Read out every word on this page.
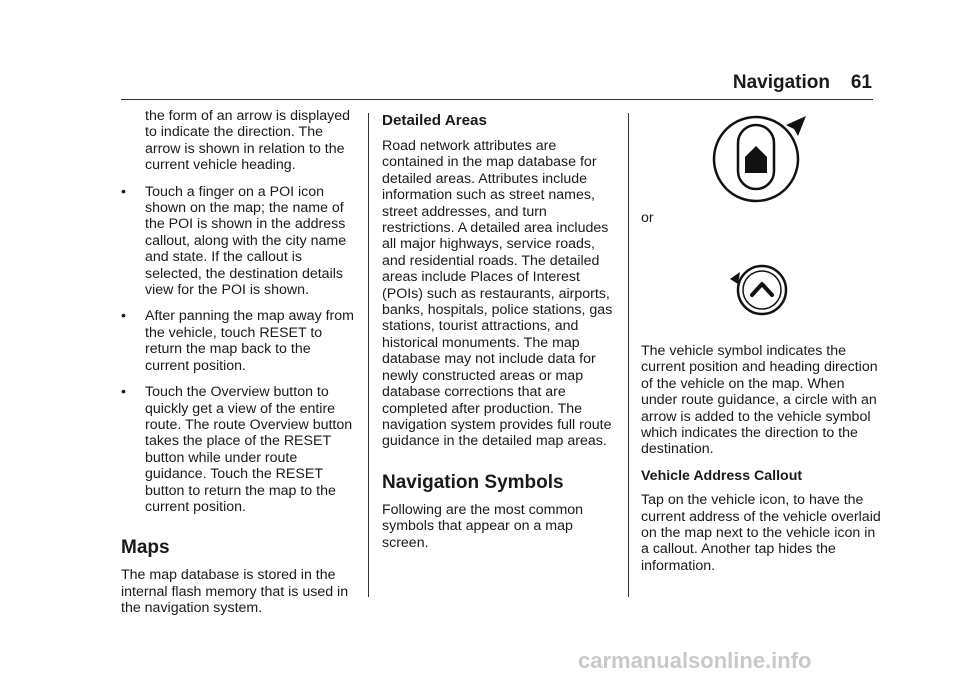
Navigation 61

the form of an arrow is displayed to indicate the direction. The arrow is shown in relation to the current vehicle heading.

• Touch a finger on a POI icon shown on the map; the name of the POI is shown in the address callout, along with the city name and state. If the callout is selected, the destination details view for the POI is shown.
• After panning the map away from the vehicle, touch RESET to return the map back to the current position.
• Touch the Overview button to quickly get a view of the entire route. The route Overview button takes the place of the RESET button while under route guidance. Touch the RESET button to return the map to the current position.
Maps

The map database is stored in the internal flash memory that is used in the navigation system.

Detailed Areas

Road network attributes are contained in the map database for detailed areas. Attributes include information such as street names, street addresses, and turn restrictions. A detailed area includes all major highways, service roads, and residential roads. The detailed areas include Places of Interest (POIs) such as restaurants, airports, banks, hospitals, police stations, gas stations, tourist attractions, and historical monuments. The map database may not include data for newly constructed areas or map database corrections that are completed after production. The navigation system provides full route guidance in the detailed map areas.

Navigation Symbols

Following are the most common symbols that appear on a map screen.

or

The vehicle symbol indicates the current position and heading direction of the vehicle on the map. When under route guidance, a circle with an arrow is added to the vehicle symbol which indicates the direction to the destination.

Vehicle Address Callout

Tap on the vehicle icon, to have the current address of the vehicle overlaid on the map next to the vehicle icon in a callout. Another tap hides the information.

carmanualsonline.info
